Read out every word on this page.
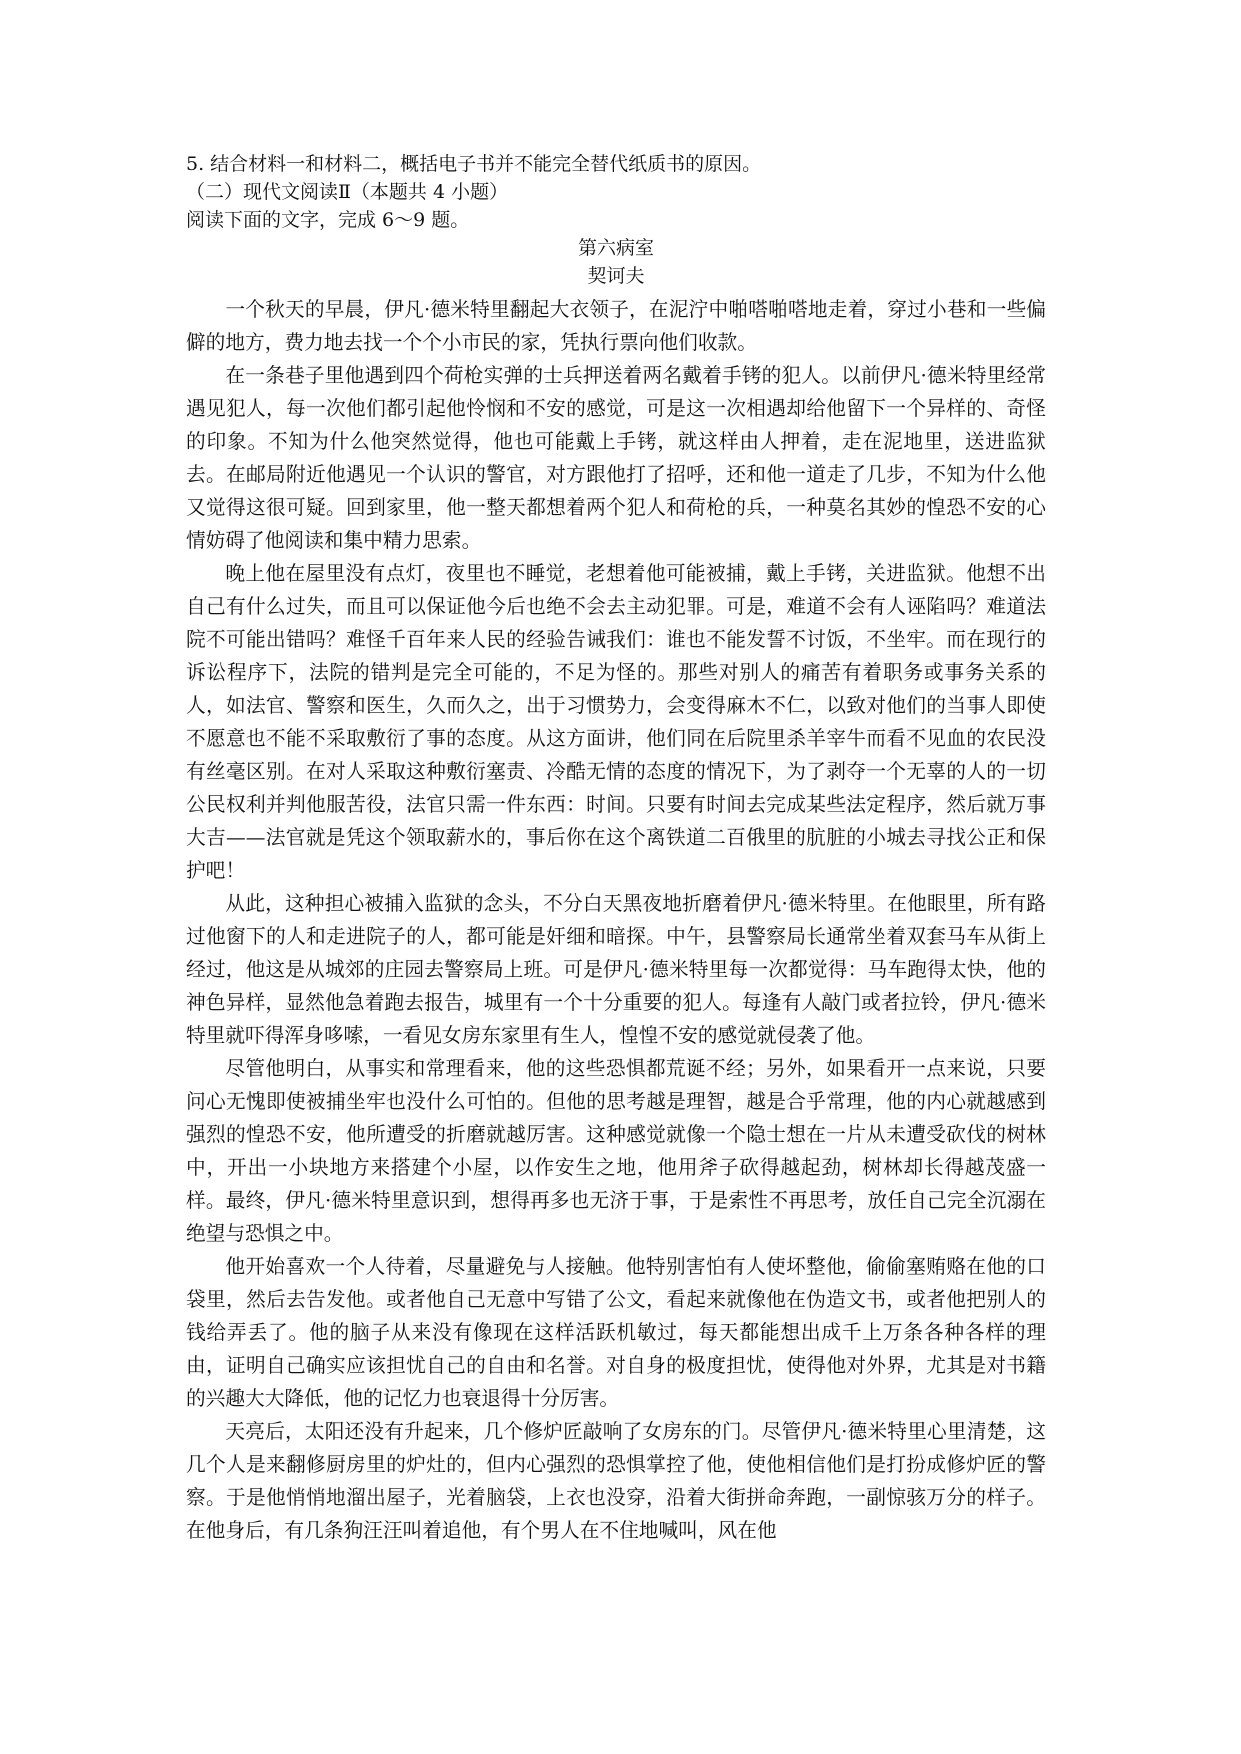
5. 结合材料一和材料二，概括电子书并不能完全替代纸质书的原因。

（二）现代文阅读Ⅱ（本题共 4 小题）

阅读下面的文字，完成 6～9 题。

第六病室

契诃夫

一个秋天的早晨，伊凡·德米特里翻起大衣领子，在泥泞中啪嗒啪嗒地走着，穿过小巷和一些偏僻的地方，费力地去找一个个小市民的家，凭执行票向他们收款。

在一条巷子里他遇到四个荷枪实弹的士兵押送着两名戴着手铐的犯人。以前伊凡·德米特里经常遇见犯人，每一次他们都引起他怜悯和不安的感觉，可是这一次相遇却给他留下一个异样的、奇怪的印象。不知为什么他突然觉得，他也可能戴上手铐，就这样由人押着，走在泥地里，送进监狱去。在邮局附近他遇见一个认识的警官，对方跟他打了招呼，还和他一道走了几步，不知为什么他又觉得这很可疑。回到家里，他一整天都想着两个犯人和荷枪的兵，一种莫名其妙的惶恐不安的心情妨碍了他阅读和集中精力思索。

晚上他在屋里没有点灯，夜里也不睡觉，老想着他可能被捕，戴上手铐，关进监狱。他想不出自己有什么过失，而且可以保证他今后也绝不会去主动犯罪。可是，难道不会有人诬陷吗？难道法院不可能出错吗？难怪千百年来人民的经验告诫我们：谁也不能发誓不讨饭，不坐牢。而在现行的诉讼程序下，法院的错判是完全可能的，不足为怪的。那些对别人的痛苦有着职务或事务关系的人，如法官、警察和医生，久而久之，出于习惯势力，会变得麻木不仁，以致对他们的当事人即使不愿意也不能不采取敷衍了事的态度。从这方面讲，他们同在后院里杀羊宰牛而看不见血的农民没有丝毫区别。在对人采取这种敷衍塞责、冷酷无情的态度的情况下，为了剥夺一个无辜的人的一切公民权利并判他服苦役，法官只需一件东西：时间。只要有时间去完成某些法定程序，然后就万事大吉——法官就是凭这个领取薪水的，事后你在这个离铁道二百俄里的肮脏的小城去寻找公正和保护吧！

从此，这种担心被捕入监狱的念头，不分白天黑夜地折磨着伊凡·德米特里。在他眼里，所有路过他窗下的人和走进院子的人，都可能是奸细和暗探。中午，县警察局长通常坐着双套马车从街上经过，他这是从城郊的庄园去警察局上班。可是伊凡·德米特里每一次都觉得：马车跑得太快，他的神色异样，显然他急着跑去报告，城里有一个十分重要的犯人。每逢有人敲门或者拉铃，伊凡·德米特里就吓得浑身哆嗦，一看见女房东家里有生人，惶惶不安的感觉就侵袭了他。

尽管他明白，从事实和常理看来，他的这些恐惧都荒诞不经；另外，如果看开一点来说，只要问心无愧即使被捕坐牢也没什么可怕的。但他的思考越是理智，越是合乎常理，他的内心就越感到强烈的惶恐不安，他所遭受的折磨就越厉害。这种感觉就像一个隐士想在一片从未遭受砍伐的树林中，开出一小块地方来搭建个小屋，以作安生之地，他用斧子砍得越起劲，树林却长得越茂盛一样。最终，伊凡·德米特里意识到，想得再多也无济于事，于是索性不再思考，放任自己完全沉溺在绝望与恐惧之中。

他开始喜欢一个人待着，尽量避免与人接触。他特别害怕有人使坏整他，偷偷塞贿赂在他的口袋里，然后去告发他。或者他自己无意中写错了公文，看起来就像他在伪造文书，或者他把别人的钱给弄丢了。他的脑子从来没有像现在这样活跃机敏过，每天都能想出成千上万条各种各样的理由，证明自己确实应该担忧自己的自由和名誉。对自身的极度担忧，使得他对外界，尤其是对书籍的兴趣大大降低，他的记忆力也衰退得十分厉害。

天亮后，太阳还没有升起来，几个修炉匠敲响了女房东的门。尽管伊凡·德米特里心里清楚，这几个人是来翻修厨房里的炉灶的，但内心强烈的恐惧掌控了他，使他相信他们是打扮成修炉匠的警察。于是他悄悄地溜出屋子，光着脑袋，上衣也没穿，沿着大街拼命奔跑，一副惊骇万分的样子。在他身后，有几条狗汪汪叫着追他，有个男人在不住地喊叫，风在他
